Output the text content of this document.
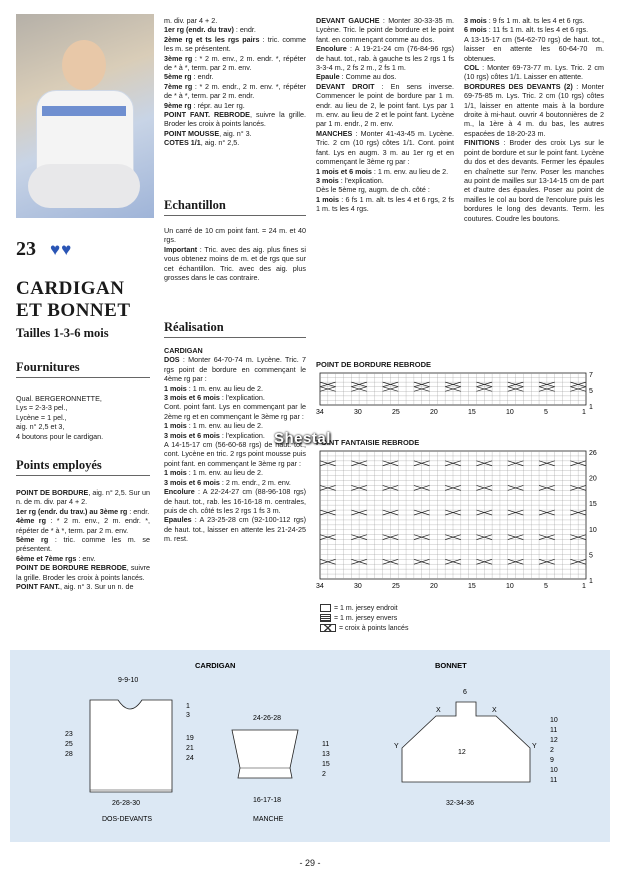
23 ♥♥
CARDIGAN
ET BONNET
Tailles 1-3-6 mois
Fournitures
Qual. BERGERONNETTE,
Lys = 2-3-3 pel.,
Lycène = 1 pel.,
aig. n° 2,5 et 3,
4 boutons pour le cardigan.
Points employés
POINT DE BORDURE, aig. n° 2,5. Sur un n. de m. div. par 4 + 2.
1er rg (endr. du trav.) au 3ème rg : endr.
4ème rg : * 2 m. env., 2 m. endr. *, répéter de * à *, term. par 2 m. env.
5ème rg : tric. comme les m. se présentent.
6ème et 7ème rgs : env.
POINT DE BORDURE REBRODE, suivre la grille. Broder les croix à points lancés.
POINT FANT., aig. n° 3. Sur un n. de
m. div. par 4 + 2.
1er rg (endr. du trav) : endr.
2ème rg et ts les rgs pairs : tric. comme les m. se présentent.
3ème rg : * 2 m. env., 2 m. endr. *, répéter de * à *, term. par 2 m. env.
5ème rg : endr.
7ème rg : * 2 m. endr., 2 m. env. *, répéter de * à *, term. par 2 m. endr.
9ème rg : répr. au 1er rg.
POINT FANT. REBRODE, suivre la grille. Broder les croix à points lancés.
POINT MOUSSE, aig. n° 3.
COTES 1/1, aig. n° 2,5.
Echantillon
Un carré de 10 cm point fant. = 24 m. et 40 rgs.
Important : Tric. avec des aig. plus fines si vous obtenez moins de m. et de rgs que sur cet échantillon. Tric. avec des aig. plus grosses dans le cas contraire.
Réalisation
CARDIGAN
DOS : Monter 64-70-74 m. Lycène. Tric. 7 rgs point de bordure en commençant le 4ème rg par :
1 mois : 1 m. env. au lieu de 2.
3 mois et 6 mois : l'explication.
Cont. point fant. Lys en commençant par le 2ème rg et en commençant le 3ème rg par :
1 mois : 1 m. env. au lieu de 2.
3 mois et 6 mois : l'explication.
A 14-15-17 cm (56-60-68 rgs) de haut. tot., cont. Lycène en tric. 2 rgs point mousse puis point fant. en commençant le 3ème rg par :
1 mois : 1 m. env. au lieu de 2.
3 mois et 6 mois : 2 m. endr., 2 m. env.
Encolure : A 22-24-27 cm (88-96-108 rgs) de haut. tot., rab. les 16-16-18 m. centrales, puis de ch. côté ts les 2 rgs 1 fs 3 m.
Epaules : A 23-25-28 cm (92-100-112 rgs) de haut. tot., laisser en attente les 21-24-25 m. rest.
DEVANT GAUCHE : Monter 30-33-35 m. Lycène. Tric. le point de bordure et le point fant. en commençant comme au dos.
Encolure : A 19-21-24 cm (76-84-96 rgs) de haut. tot., rab. à gauche ts les 2 rgs 1 fs 3-3-4 m., 2 fs 2 m., 2 fs 1 m.
Epaule : Comme au dos.
DEVANT DROIT : En sens inverse. Commencer le point de bordure par 1 m. endr. au lieu de 2, le point fant. Lys par 1 m. env. au lieu de 2 et le point fant. Lycène par 1 m. endr., 2 m. env.
MANCHES : Monter 41-43-45 m. Lycène. Tric. 2 cm (10 rgs) côtes 1/1. Cont. point fant. Lys en augm. 3 m. au 1er rg et en commençant le 3ème rg par :
1 mois et 6 mois : 1 m. env. au lieu de 2.
3 mois : l'explication.
Dès le 5ème rg, augm. de ch. côté :
1 mois : 6 fs 1 m. alt. ts les 4 et 6 rgs, 2 fs 1 m. ts les 4 rgs.
3 mois : 9 fs 1 m. alt. ts les 4 et 6 rgs.
6 mois : 11 fs 1 m. alt. ts les 4 et 6 rgs.
A 13-15-17 cm (54-62-70 rgs) de haut. tot., laisser en attente les 60-64-70 m. obtenues.
COL : Monter 69-73-77 m. Lys. Tric. 2 cm (10 rgs) côtes 1/1. Laisser en attente.
BORDURES DES DEVANTS (2) : Monter 69-75-85 m. Lys. Tric. 2 cm (10 rgs) côtes 1/1, laisser en attente mais à la bordure droite à mi-haut. ouvrir 4 boutonnières de 2 m., la 1ère à 4 m. du bas, les autres espacées de 18-20-23 m.
FINITIONS : Broder des croix Lys sur le point de bordure et sur le point fant. Lycène du dos et des devants. Fermer les épaules en chaînette sur l'env. Poser les manches au point de mailles sur 13-14-15 cm de part et d'autre des épaules. Poser au point de mailles le col au bord de l'encolure puis les bordures le long des devants. Term. les coutures. Coudre les boutons.
POINT DE BORDURE REBRODE
34	30	25	20	15	10	5	1
7
5
1
POINT FANTAISIE REBRODE
34	30	25	20	15	10	5	1
26
20
15
10
5
1
Shestal
= 1 m. jersey endroit
= 1 m. jersey envers
= croix à points lancés
CARDIGAN	BONNET
9-9-10
23
25
28
1
3
19
21
24
26-28-30
DOS-DEVANTS
24-26-28
11
13
15
2
16-17-18
MANCHE
6
X	X
Y	Y
12
10
11
12
2
9
10
11
32-34-36
- 29 -
